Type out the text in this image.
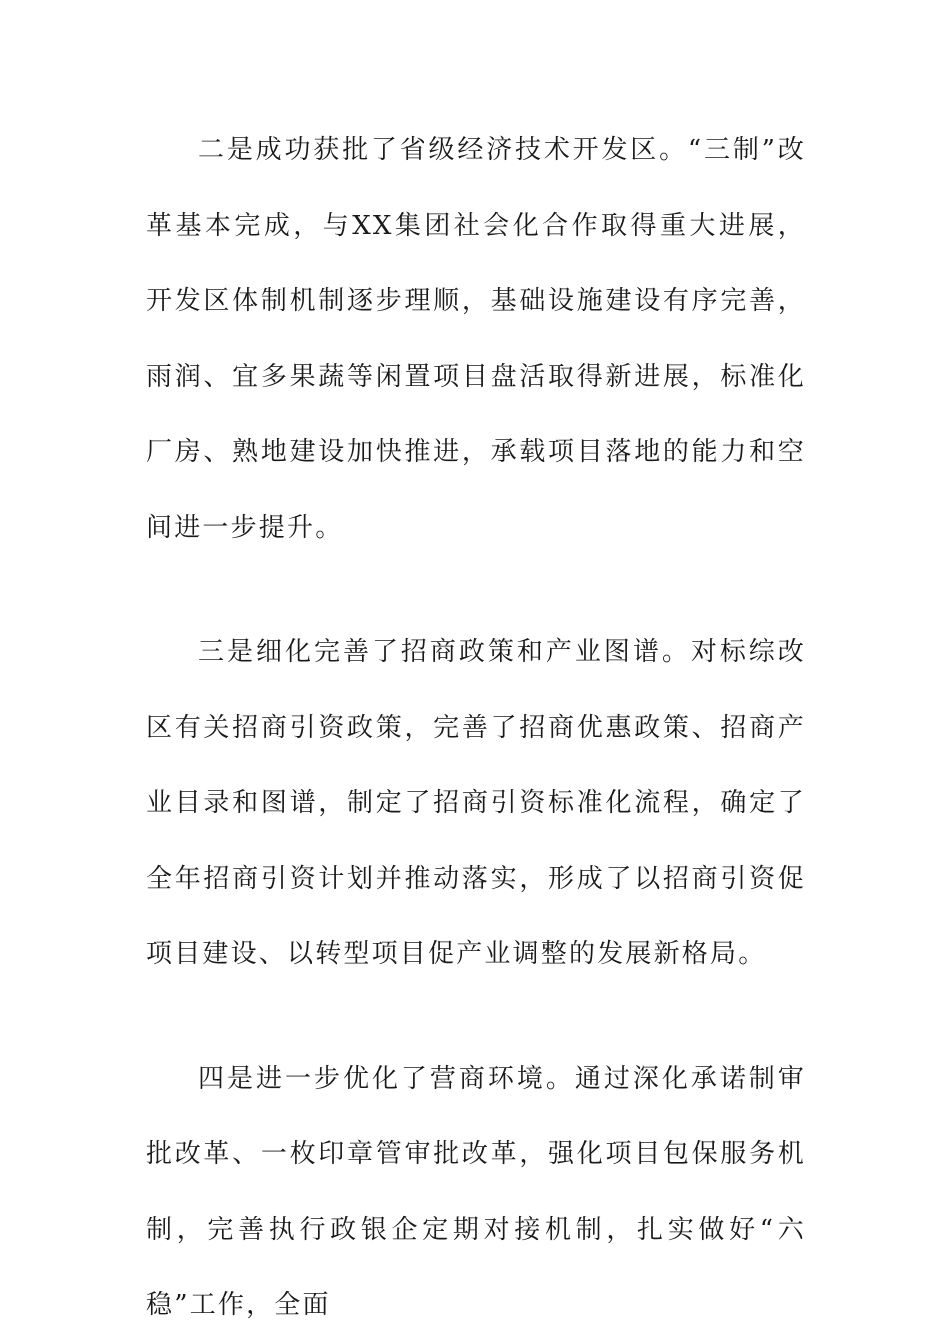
二是成功获批了省级经济技术开发区。“三制”改革基本完成，与XX集团社会化合作取得重大进展，开发区体制机制逐步理顺，基础设施建设有序完善，雨润、宜多果蔬等闲置项目盘活取得新进展，标准化厂房、熟地建设加快推进，承载项目落地的能力和空间进一步提升。

三是细化完善了招商政策和产业图谱。对标综改区有关招商引资政策，完善了招商优惠政策、招商产业目录和图谱，制定了招商引资标准化流程，确定了全年招商引资计划并推动落实，形成了以招商引资促项目建设、以转型项目促产业调整的发展新格局。

四是进一步优化了营商环境。通过深化承诺制审批改革、一枚印章管审批改革，强化项目包保服务机制，完善执行政银企定期对接机制，扎实做好“六稳”工作，全面
